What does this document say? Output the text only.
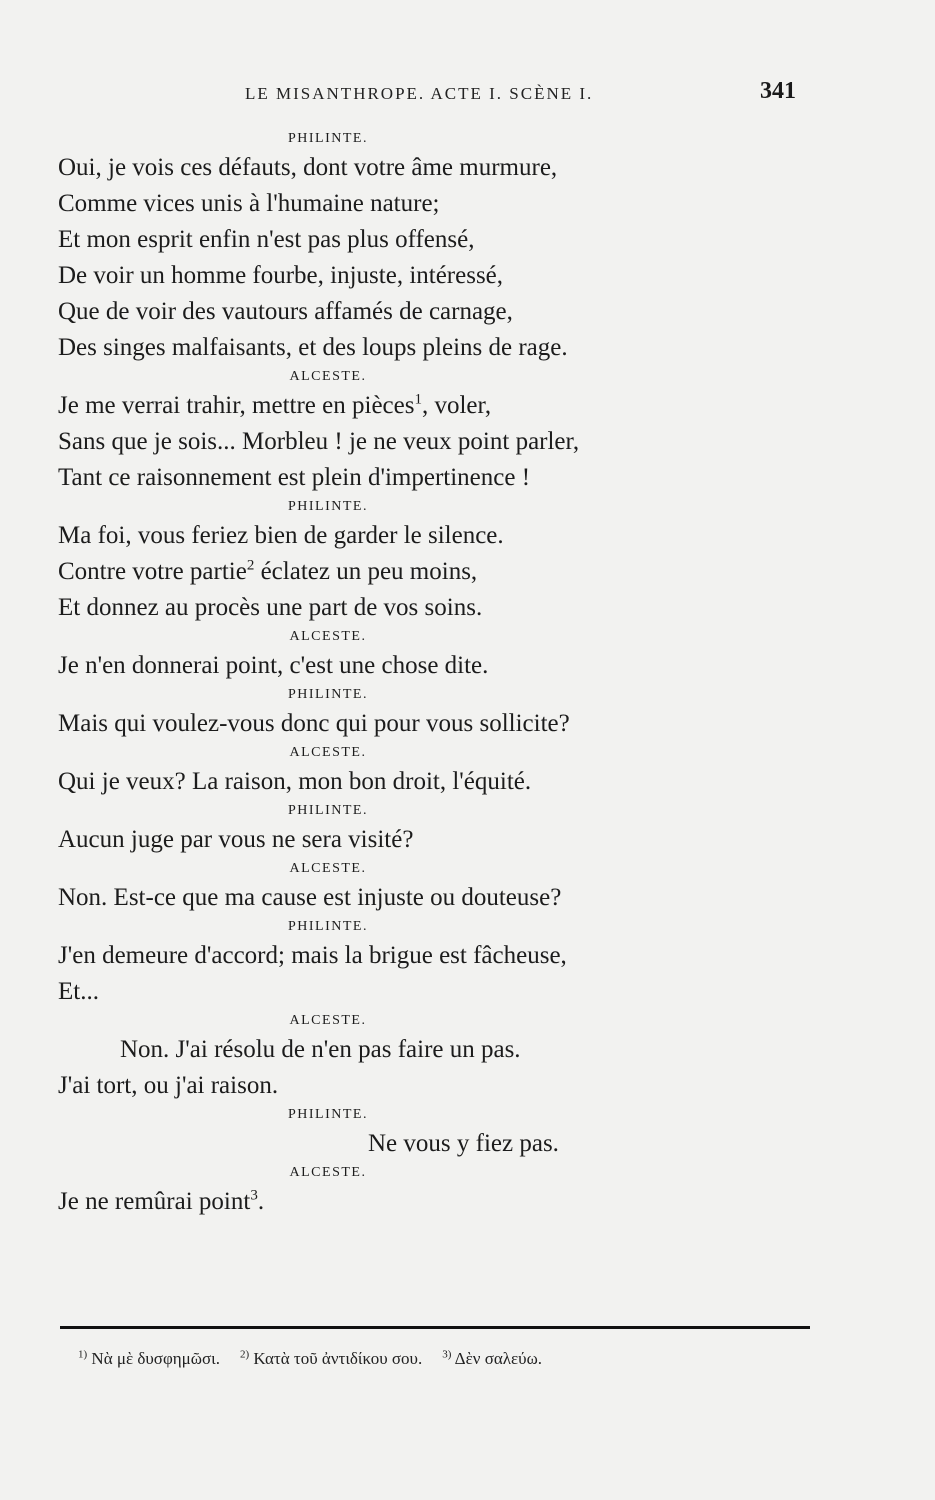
LE MISANTHROPE. ACTE I. SCÈNE I.	341
PHILINTE.
Oui, je vois ces défauts, dont votre âme murmure,
Comme vices unis à l'humaine nature;
Et mon esprit enfin n'est pas plus offensé,
De voir un homme fourbe, injuste, intéressé,
Que de voir des vautours affamés de carnage,
Des singes malfaisants, et des loups pleins de rage.
ALCESTE.
Je me verrai trahir, mettre en pièces$^1$, voler,
Sans que je sois... Morbleu ! je ne veux point parler,
Tant ce raisonnement est plein d'impertinence !
PHILINTE.
Ma foi, vous feriez bien de garder le silence.
Contre votre partie$^2$ éclatez un peu moins,
Et donnez au procès une part de vos soins.
ALCESTE.
Je n'en donnerai point, c'est une chose dite.
PHILINTE.
Mais qui voulez-vous donc qui pour vous sollicite?
ALCESTE.
Qui je veux? La raison, mon bon droit, l'équité.
PHILINTE.
Aucun juge par vous ne sera visité?
ALCESTE.
Non. Est-ce que ma cause est injuste ou douteuse?
PHILINTE.
J'en demeure d'accord; mais la brigue est fâcheuse,
Et...
ALCESTE.
Non. J'ai résolu de n'en pas faire un pas.
J'ai tort, ou j'ai raison.
PHILINTE.
Ne vous y fiez pas.
ALCESTE.
Je ne remûrai point$^3$.
$^{1)}$ Νὰ μὲ δυσφημῶσι. $^{2)}$ Κατὰ τοῦ ἀντιδίκου σου. $^{3)}$ Δὲν σαλεύω.
